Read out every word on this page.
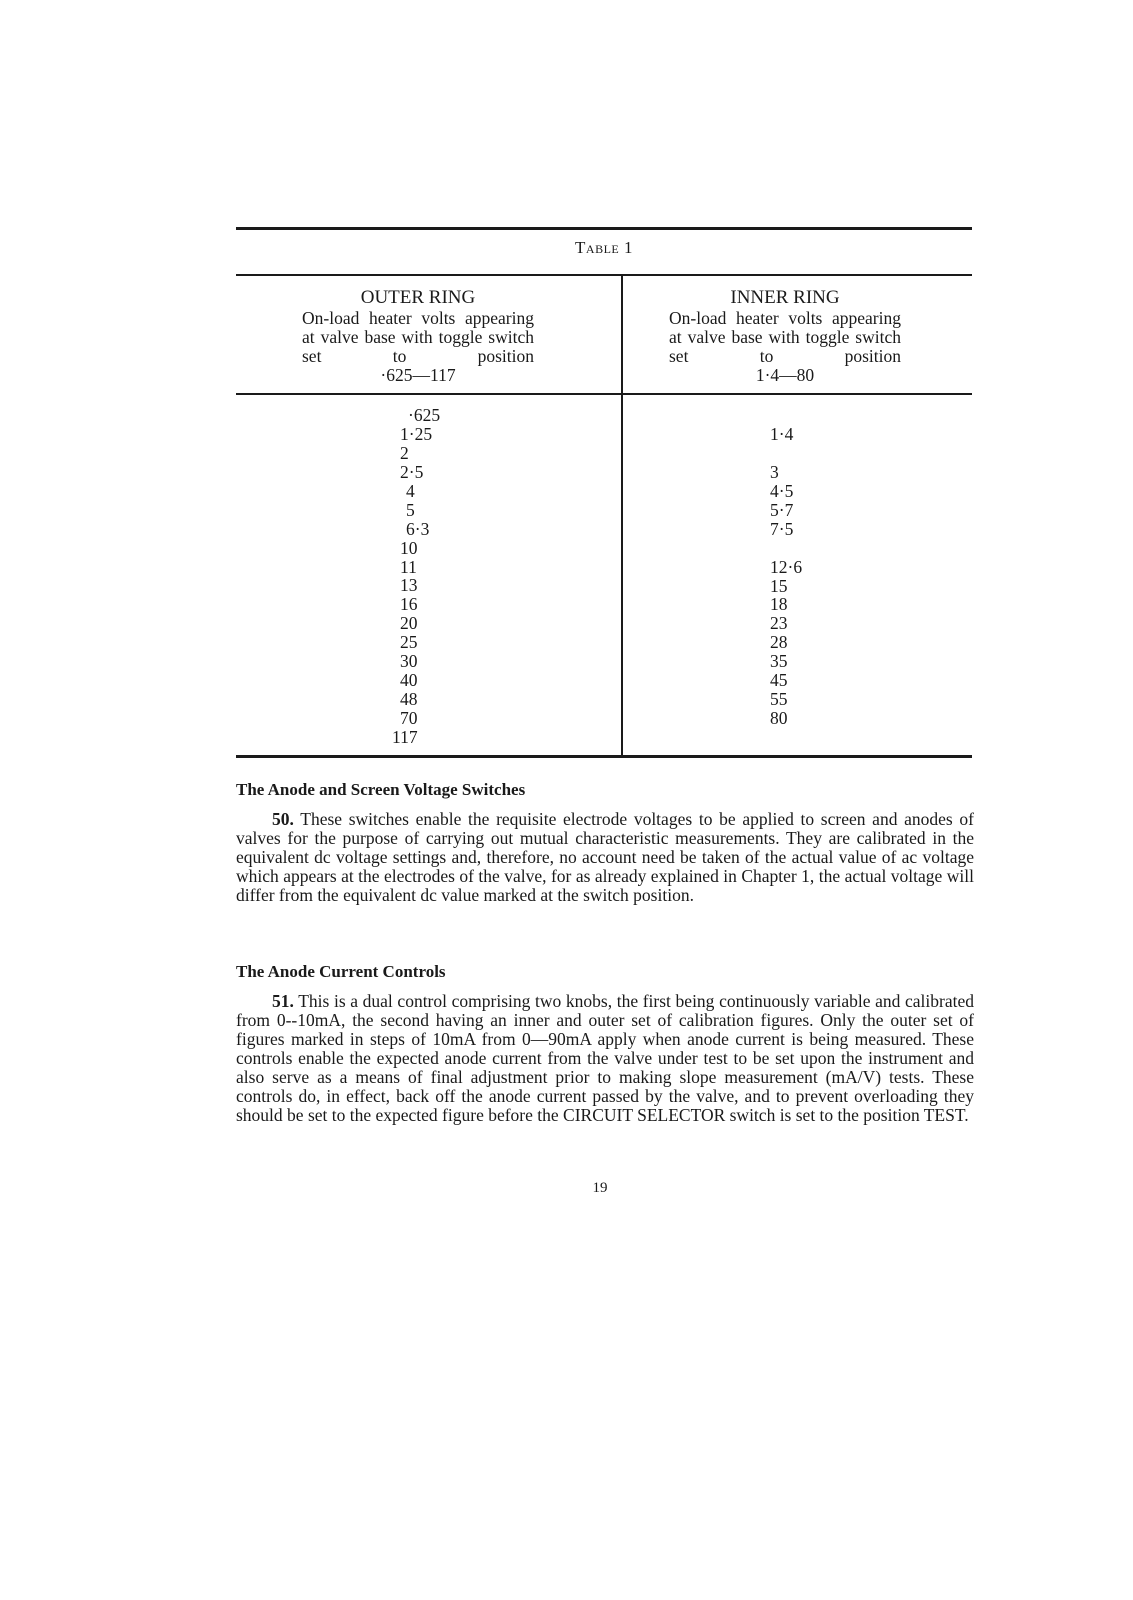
Table 1
OUTER RING
On-load heater volts appearing at valve base with toggle switch set to position
·625—117
INNER RING
On-load heater volts appearing at valve base with toggle switch set to position
1·4—80
·625
1·25
2
2·5
4
5
6·3
10
11
13
16
20
25
30
40
48
70
117
1·4
3
4·5
5·7
7·5
12·6
15
18
23
28
35
45
55
80
The Anode and Screen Voltage Switches
50. These switches enable the requisite electrode voltages to be applied to screen and anodes of valves for the purpose of carrying out mutual characteristic measurements. They are calibrated in the equivalent dc voltage settings and, therefore, no account need be taken of the actual value of ac voltage which appears at the electrodes of the valve, for as already explained in Chapter 1, the actual voltage will differ from the equivalent dc value marked at the switch position.
The Anode Current Controls
51. This is a dual control comprising two knobs, the first being continuously variable and calibrated from 0--10mA, the second having an inner and outer set of calibration figures. Only the outer set of figures marked in steps of 10mA from 0—90mA apply when anode current is being measured. These controls enable the expected anode current from the valve under test to be set upon the instrument and also serve as a means of final adjustment prior to making slope measurement (mA/V) tests. These controls do, in effect, back off the anode current passed by the valve, and to prevent overloading they should be set to the expected figure before the CIRCUIT SELECTOR switch is set to the position TEST.
19
